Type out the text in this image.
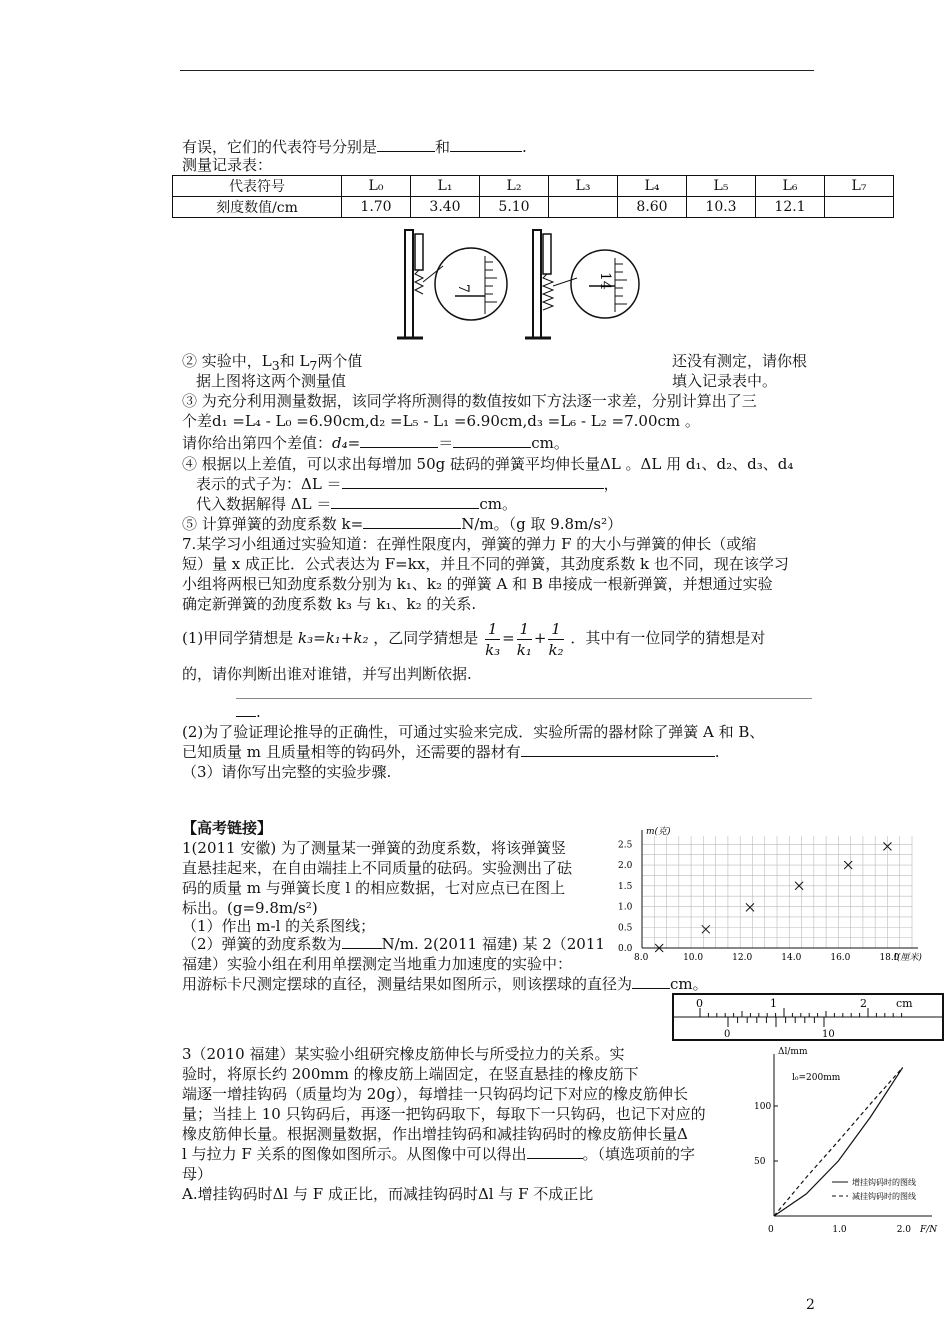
有误，它们的代表符号分别是	和	.
测量记录表：
代表符号	L₀	L₁	L₂	L₃	L₄	L₅	L₆	L₇
刻度数值/cm	1.70	3.40	5.10		8.60	10.3	12.1	
7	14
② 实验中，$L_3$和 $L_7$两个值	还没有测定，请你根
据上图将这两个测量值	填入记录表中。
③ 为充分利用测量数据，该同学将所测得的数值按如下方法逐一求差，分别计算出了三
个差d₁ =L₄ - L₀ =6.90cm,d₂ =L₅ - L₁ =6.90cm,d₃ =L₆ - L₂ =7.00cm 。
请你给出第四个差值：d₄=	＝	cm。
④ 根据以上差值，可以求出每增加 50g 砝码的弹簧平均伸长量ΔL 。ΔL 用 d₁、d₂、d₃、d₄
表示的式子为：ΔL ＝	，
代入数据解得 ΔL ＝	cm。
⑤ 计算弹簧的劲度系数 k=	N/m。（g 取 9.8m/s²）
7.某学习小组通过实验知道：在弹性限度内，弹簧的弹力 F 的大小与弹簧的伸长（或缩
短）量 x 成正比．公式表达为 F=kx，并且不同的弹簧，其劲度系数 k 也不同，现在该学习
小组将两根已知劲度系数分别为 k₁、k₂ 的弹簧 A 和 B 串接成一根新弹簧，并想通过实验
确定新弹簧的劲度系数 k₃ 与 k₁、k₂ 的关系.
(1)甲同学猜想是 k₃=k₁+k₂ ，乙同学猜想是 $\frac{1}{\text{k₃}} = \frac{1}{\text{k₁}} + \frac{1}{\text{k₂}}$ ．其中有一位同学的猜想是对
的，请你判断出谁对谁错，并写出判断依据.
.
(2)为了验证理论推导的正确性，可通过实验来完成．实验所需的器材除了弹簧 A 和 B、
已知质量 m 且质量相等的钩码外，还需要的器材有	.
（3）请你写出完整的实验步骤.
【高考链接】
1(2011 安徽) 为了测量某一弹簧的劲度系数，将该弹簧竖
直悬挂起来，在自由端挂上不同质量的砝码。实验测出了砝
码的质量 m 与弹簧长度 l 的相应数据，七对应点已在图上
标出。(g=9.8m/s²)
（1）作出 m-l 的关系图线；
（2）弹簧的劲度系数为	N/m. 2(2011 福建) 某 2（2011
福建）实验小组在利用单摆测定当地重力加速度的实验中：
用游标卡尺测定摆球的直径，测量结果如图所示，则该摆球的直径为	cm。
8.0	10.0	12.0	14.0	16.0	18.0
0.0
0.5
1.0
1.5
2.0
2.5
m(克)
l(厘米)
0	1	2	cm
0	10
3（2010 福建）某实验小组研究橡皮筋伸长与所受拉力的关系。实
验时，将原长约 200mm 的橡皮筋上端固定，在竖直悬挂的橡皮筋下
端逐一增挂钩码（质量均为 20g），每增挂一只钩码均记下对应的橡皮筋伸长
量；当挂上 10 只钩码后，再逐一把钩码取下，每取下一只钩码，也记下对应的
橡皮筋伸长量。根据测量数据，作出增挂钩码和减挂钩码时的橡皮筋伸长量Δ
l 与拉力 F 关系的图像如图所示。从图像中可以得出	。（填选项前的字
母）
A.增挂钩码时Δl 与 F 成正比，而减挂钩码时Δl 与 F 不成正比
Δl/mm
F/N
l₀=200mm
50
100
0	1.0	2.0
增挂钩码时的图线
减挂钩码时的图线
2
